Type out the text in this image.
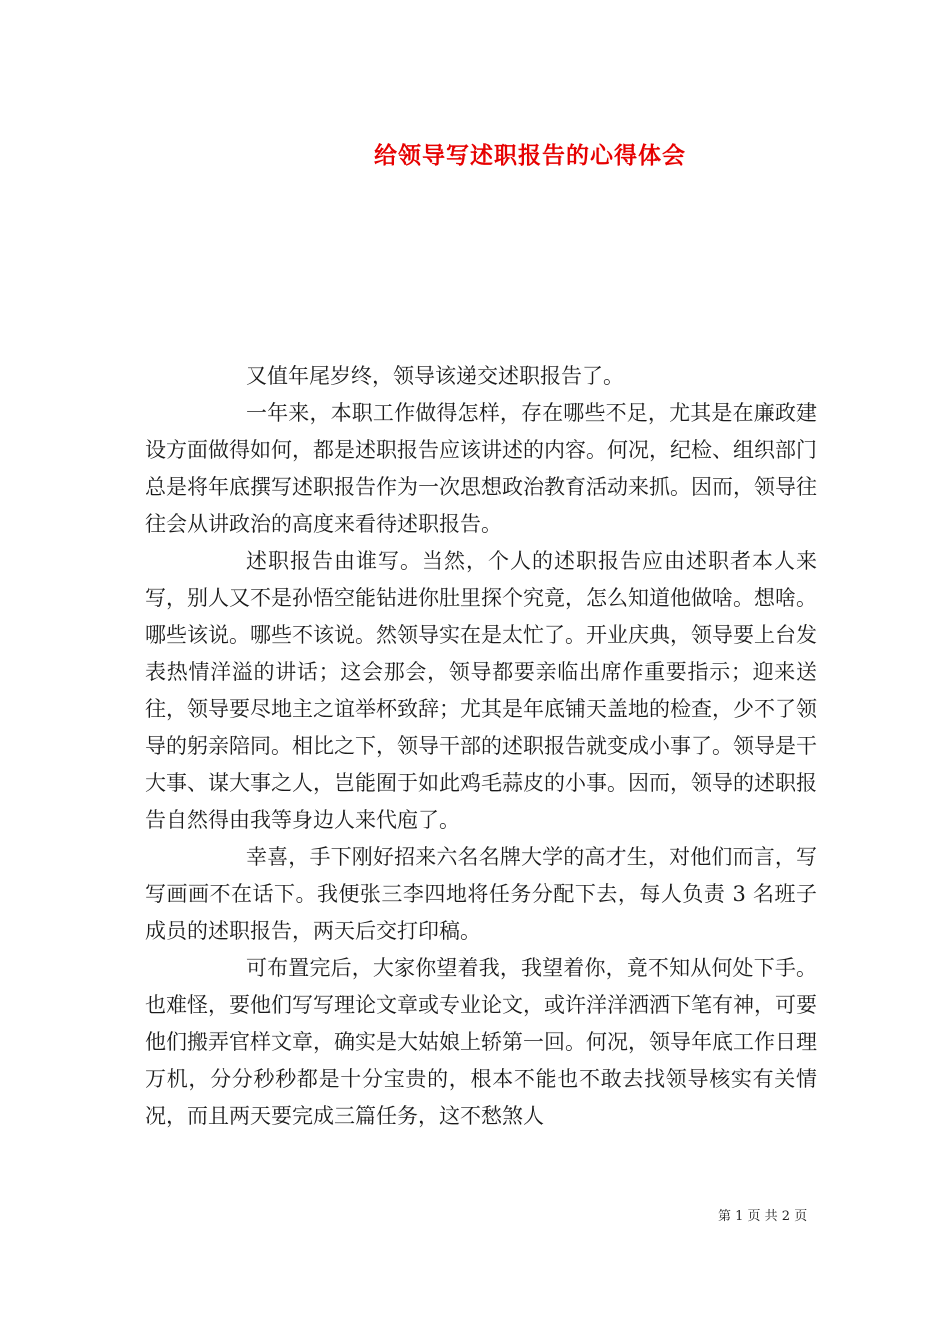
给领导写述职报告的心得体会

又值年尾岁终，领导该递交述职报告了。

一年来，本职工作做得怎样，存在哪些不足，尤其是在廉政建设方面做得如何，都是述职报告应该讲述的内容。何况，纪检、组织部门总是将年底撰写述职报告作为一次思想政治教育活动来抓。因而，领导往往会从讲政治的高度来看待述职报告。

述职报告由谁写。当然，个人的述职报告应由述职者本人来写，别人又不是孙悟空能钻进你肚里探个究竟，怎么知道他做啥。想啥。哪些该说。哪些不该说。然领导实在是太忙了。开业庆典，领导要上台发表热情洋溢的讲话；这会那会，领导都要亲临出席作重要指示；迎来送往，领导要尽地主之谊举杯致辞；尤其是年底铺天盖地的检查，少不了领导的躬亲陪同。相比之下，领导干部的述职报告就变成小事了。领导是干大事、谋大事之人，岂能囿于如此鸡毛蒜皮的小事。因而，领导的述职报告自然得由我等身边人来代庖了。

幸喜，手下刚好招来六名名牌大学的高才生，对他们而言，写写画画不在话下。我便张三李四地将任务分配下去，每人负责 3 名班子成员的述职报告，两天后交打印稿。

可布置完后，大家你望着我，我望着你，竟不知从何处下手。也难怪，要他们写写理论文章或专业论文，或许洋洋洒洒下笔有神，可要他们搬弄官样文章，确实是大姑娘上轿第一回。何况，领导年底工作日理万机，分分秒秒都是十分宝贵的，根本不能也不敢去找领导核实有关情况，而且两天要完成三篇任务，这不愁煞人

第 1 页 共 2 页
